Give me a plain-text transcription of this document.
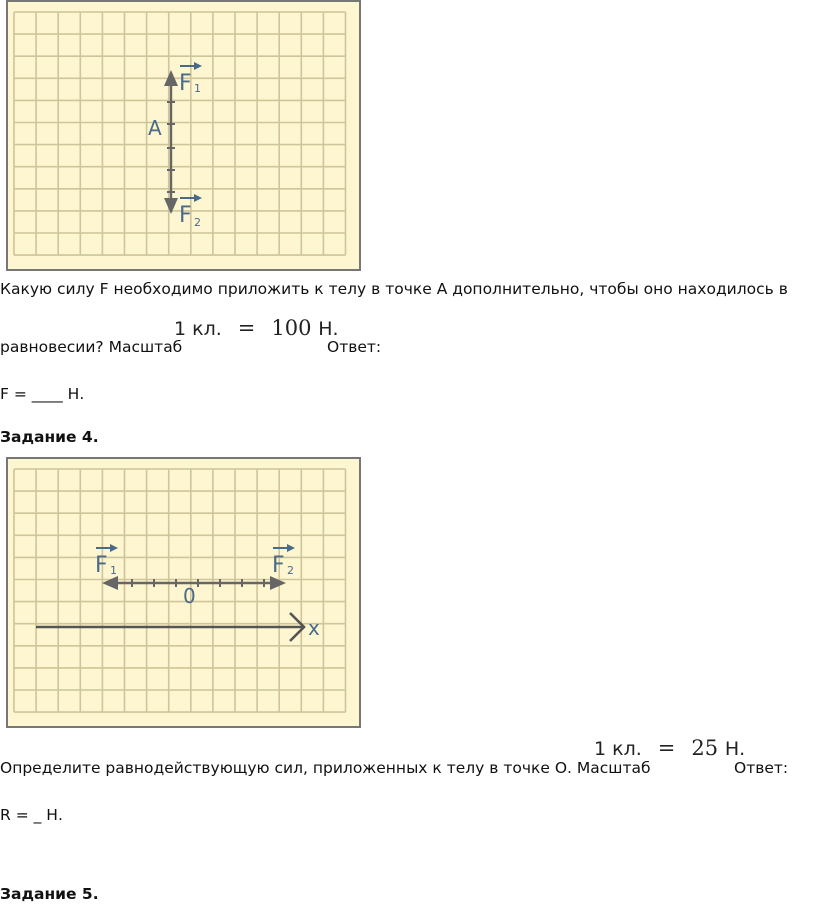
F 1
A
F 2
Какую силу F необходимо приложить к телу в точке A дополнительно, чтобы оно находилось в
1 кл. = 100 Н.
равновесии? Масштаб	Ответ:
F = ____ Н.
Задание 4.
x
0
F 1	F 2
1 кл. = 25 Н.
Определите равнодействующую сил, приложенных к телу в точке О. Масштаб	Ответ:
R = _ Н.
Задание 5.
